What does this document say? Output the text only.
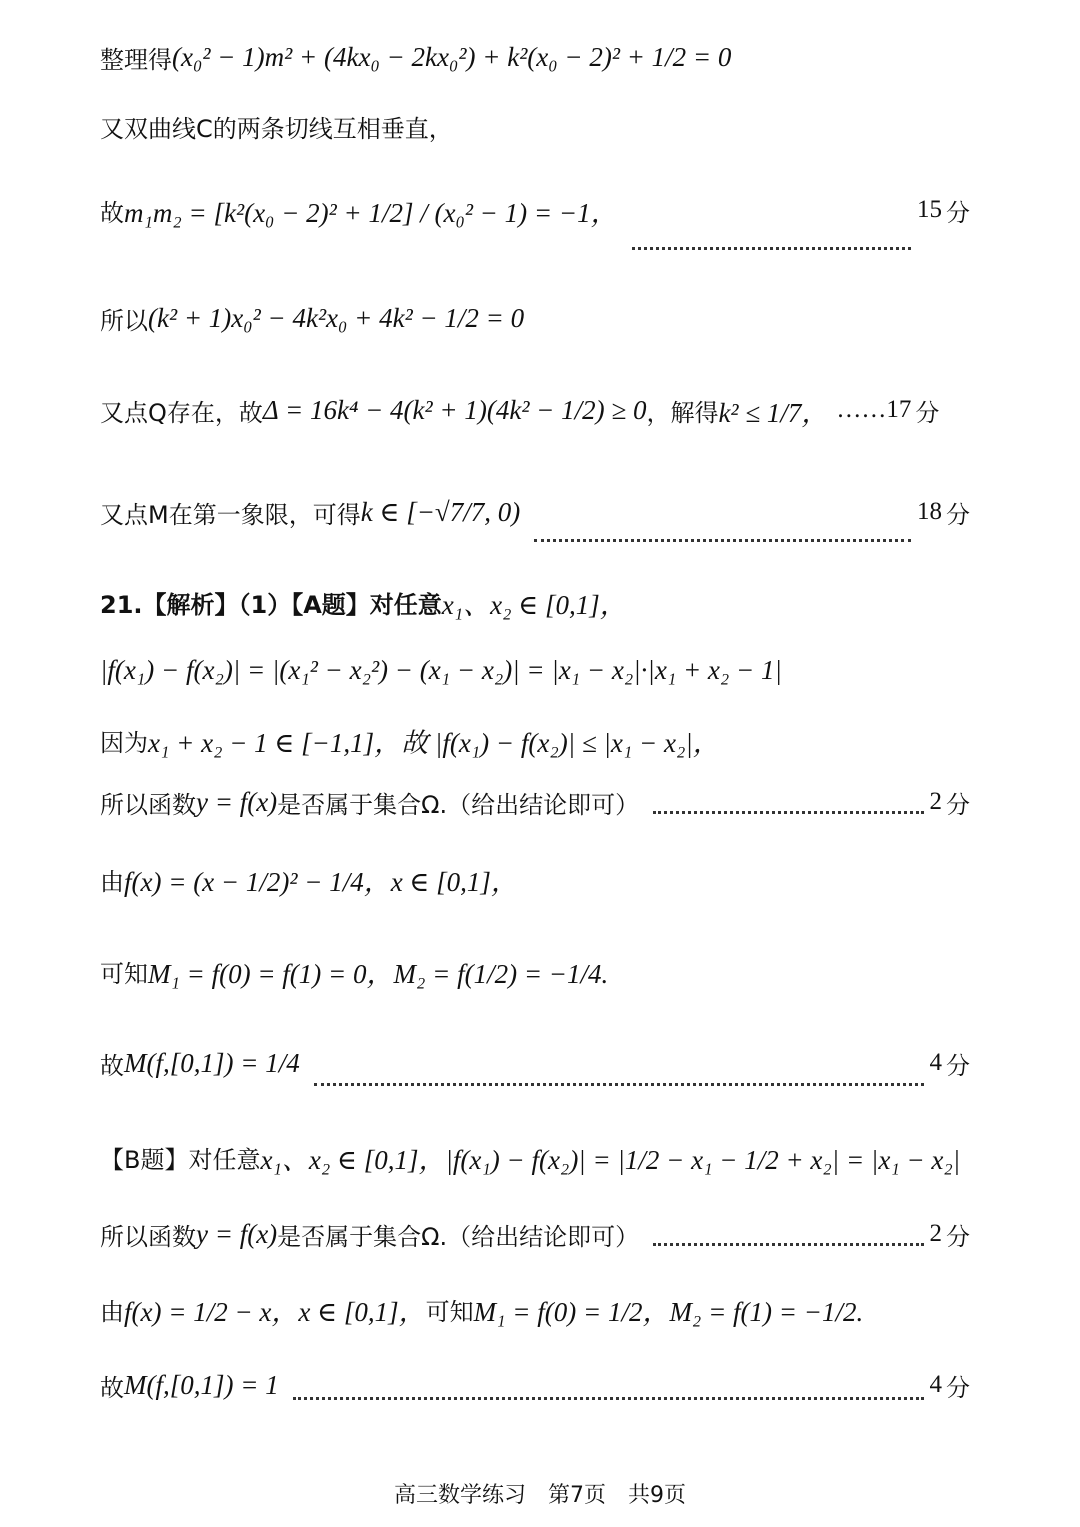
整理得 (x₀² − 1)m² + (4kx₀ − 2kx₀²) + k²(x₀ − 2)² + 1/2 = 0
又双曲线C的两条切线互相垂直，
故 m₁m₂ = [k²(x₀ − 2)² + 1/2] / (x₀² − 1) = −1，	15 分
所以 (k² + 1)x₀² − 4k²x₀ + 4k² − 1/2 = 0
又点Q存在，故 Δ = 16k⁴ − 4(k² + 1)(4k² − 1/2) ≥ 0 ，解得 k² ≤ 1/7， ……17 分
又点M在第一象限，可得 k ∈ [−√7/7, 0)	18 分
21.【解析】（1）【A题】对任意 x₁、x₂ ∈ [0,1]，
|f(x₁) − f(x₂)| = |(x₁² − x₂²) − (x₁ − x₂)| = |x₁ − x₂|·|x₁ + x₂ − 1|
因为 x₁ + x₂ − 1 ∈ [−1,1]，故 |f(x₁) − f(x₂)| ≤ |x₁ − x₂|，
所以函数 y = f(x) 是否属于集合Ω.（给出结论即可）	2 分
由 f(x) = (x − 1/2)² − 1/4，x ∈ [0,1]，
可知 M₁ = f(0) = f(1) = 0，M₂ = f(1/2) = −1/4.
故 M(f,[0,1]) = 1/4	4 分
【B题】对任意 x₁、x₂ ∈ [0,1]，|f(x₁) − f(x₂)| = |1/2 − x₁ − 1/2 + x₂| = |x₁ − x₂|
所以函数 y = f(x) 是否属于集合Ω.（给出结论即可）	2 分
由 f(x) = 1/2 − x，x ∈ [0,1]， 可知 M₁ = f(0) = 1/2，M₂ = f(1) = −1/2.
故 M(f,[0,1]) = 1	4 分
高三数学练习　第7页　共9页
